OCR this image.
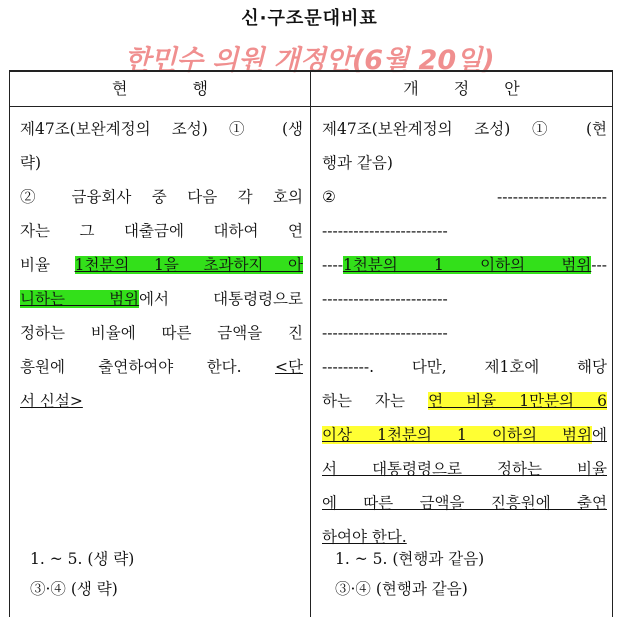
신·구조문대비표
한민수 의원 개정안(6월 20일)
현 행	개 정 안
제47조(보완계정의 조성) ① (생
략)
② 금융회사 중 다음 각 호의
자는 그 대출금에 대하여 연
비율 1천분의 1을 초과하지 아
니하는 범위에서 대통령령으로
정하는 비율에 따른 금액을 진
흥원에 출연하여야 한다. <단
서 신설>
1. ~ 5. (생 략)
③·④ (생 략)
제47조(보완계정의 조성) ① (현
행과 같음)
② ---------------------
------------------------
----1천분의 1 이하의 범위---
------------------------
------------------------
---------. 다만, 제1호에 해당
하는 자는 연 비율 1만분의 6
이상 1천분의 1 이하의 범위에
서 대통령령으로 정하는 비율
에 따른 금액을 진흥원에 출연
하여야 한다.
1. ~ 5. (현행과 같음)
③·④ (현행과 같음)
